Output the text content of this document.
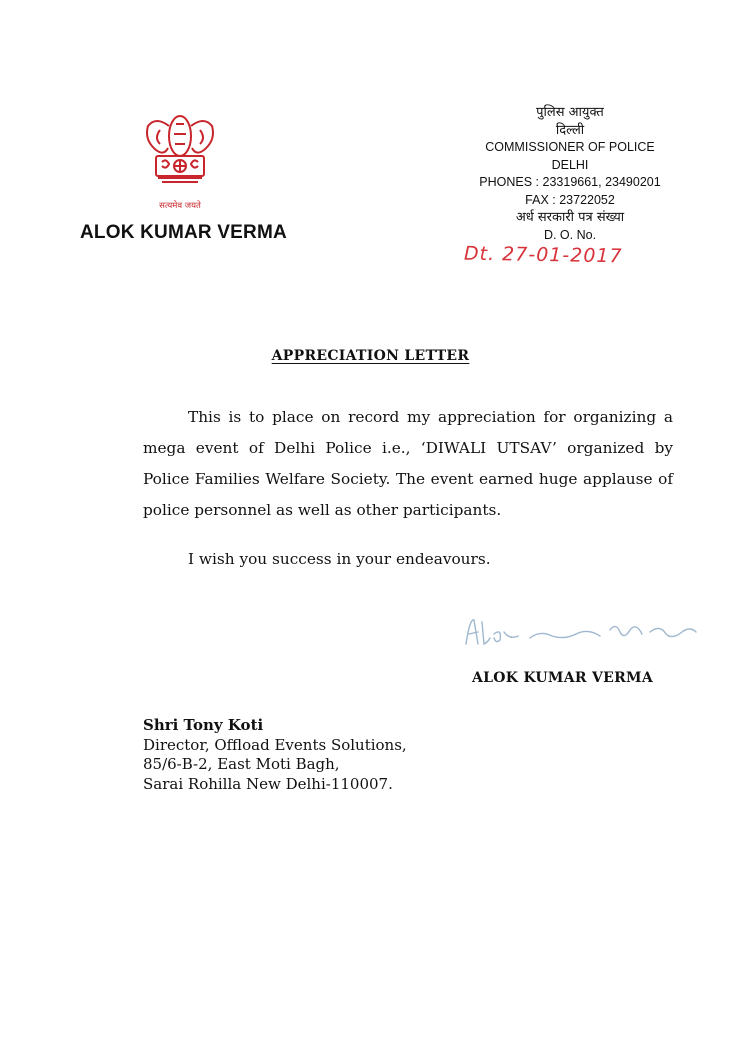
सत्यमेव जयते
ALOK KUMAR VERMA
पुलिस आयुक्त
दिल्ली
COMMISSIONER OF POLICE
DELHI
PHONES : 23319661, 23490201
FAX : 23722052
अर्ध सरकारी पत्र संख्या
D. O. No.
Dt. 27-01-2017
APPRECIATION LETTER
This is to place on record my appreciation for organizing a mega event of Delhi Police i.e., ‘DIWALI UTSAV’ organized by Police Families Welfare Society. The event earned huge applause of police personnel as well as other participants.
I wish you success in your endeavours.
ALOK KUMAR VERMA
Shri Tony Koti
Director, Offload Events Solutions,
85/6-B-2, East Moti Bagh,
Sarai Rohilla New Delhi-110007.
